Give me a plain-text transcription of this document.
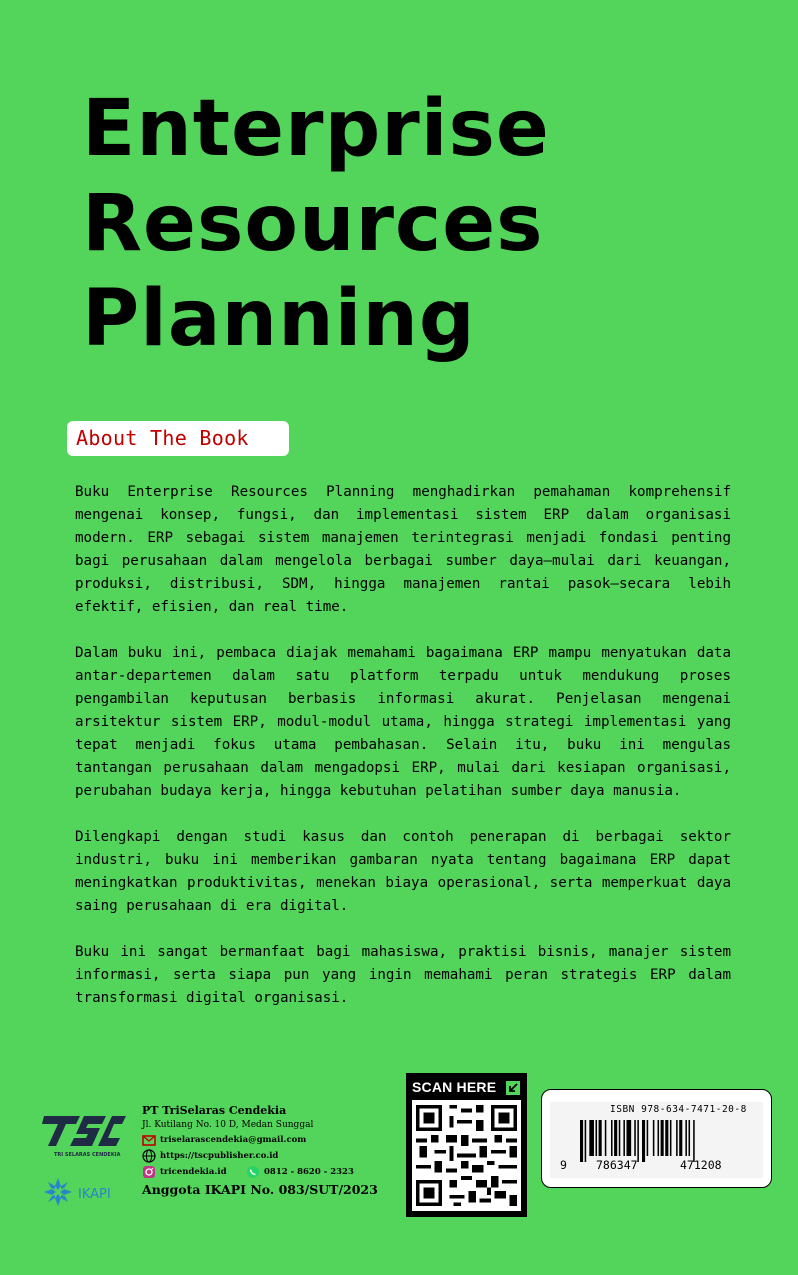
Enterprise
Resources
Planning
About The Book

Buku Enterprise Resources Planning menghadirkan pemahaman komprehensif mengenai konsep, fungsi, dan implementasi sistem ERP dalam organisasi modern. ERP sebagai sistem manajemen terintegrasi menjadi fondasi penting bagi perusahaan dalam mengelola berbagai sumber daya—mulai dari keuangan, produksi, distribusi, SDM, hingga manajemen rantai pasok—secara lebih efektif, efisien, dan real time.

Dalam buku ini, pembaca diajak memahami bagaimana ERP mampu menyatukan data antar-departemen dalam satu platform terpadu untuk mendukung proses pengambilan keputusan berbasis informasi akurat. Penjelasan mengenai arsitektur sistem ERP, modul-modul utama, hingga strategi implementasi yang tepat menjadi fokus utama pembahasan. Selain itu, buku ini mengulas tantangan perusahaan dalam mengadopsi ERP, mulai dari kesiapan organisasi, perubahan budaya kerja, hingga kebutuhan pelatihan sumber daya manusia.

Dilengkapi dengan studi kasus dan contoh penerapan di berbagai sektor industri, buku ini memberikan gambaran nyata tentang bagaimana ERP dapat meningkatkan produktivitas, menekan biaya operasional, serta memperkuat daya saing perusahaan di era digital.

Buku ini sangat bermanfaat bagi mahasiswa, praktisi bisnis, manajer sistem informasi, serta siapa pun yang ingin memahami peran strategis ERP dalam transformasi digital organisasi.

TRI SELARAS CENDEKIA
IKAPI
PT TriSelaras Cendekia
Jl. Kutilang No. 10 D, Medan Sunggal
triselarascendekia@gmail.com
https://tscpublisher.co.id
tricendekia.id	0812 - 8620 - 2323
Anggota IKAPI No. 083/SUT/2023
SCAN HERE
ISBN 978-634-7471-20-8
9	786347	471208
